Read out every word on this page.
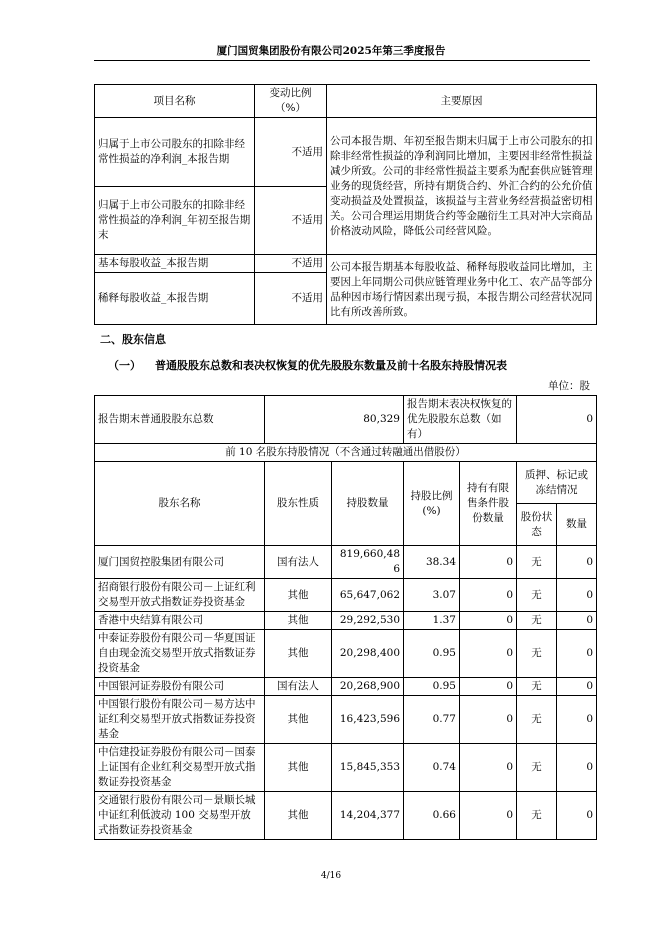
厦门国贸集团股份有限公司2025年第三季度报告
项目名称	变动比例（%）	主要原因
归属于上市公司股东的扣除非经常性损益的净利润_本报告期	不适用	公司本报告期、年初至报告期末归属于上市公司股东的扣除非经常性损益的净利润同比增加，主要因非经常性损益减少所致。公司的非经常性损益主要系为配套供应链管理业务的现货经营，所持有期货合约、外汇合约的公允价值变动损益及处置损益，该损益与主营业务经营损益密切相关。公司合理运用期货合约等金融衍生工具对冲大宗商品价格波动风险，降低公司经营风险。
归属于上市公司股东的扣除非经常性损益的净利润_年初至报告期末	不适用	
基本每股收益_本报告期	不适用	公司本报告期基本每股收益、稀释每股收益同比增加，主要因上年同期公司供应链管理业务中化工、农产品等部分品种因市场行情因素出现亏损，本报告期公司经营状况同比有所改善所致。
稀释每股收益_本报告期	不适用	
二、股东信息
（一） 普通股股东总数和表决权恢复的优先股股东数量及前十名股东持股情况表
单位：股
报告期末普通股股东总数	80,329		报告期末表决权恢复的优先股股东总数（如有）		0	
前 10 名股东持股情况（不含通过转融通出借股份）						
股东名称	股东性质	持股数量	持股比例(%)	持有有限售条件股份数量	质押、标记或冻结情况	
					股份状态	数量
厦门国贸控股集团有限公司	国有法人	819,660,486	38.34	0	无	0
招商银行股份有限公司－上证红利交易型开放式指数证券投资基金	其他	65,647,062	3.07	0	无	0
香港中央结算有限公司	其他	29,292,530	1.37	0	无	0
中泰证券股份有限公司－华夏国证自由现金流交易型开放式指数证券投资基金	其他	20,298,400	0.95	0	无	0
中国银河证券股份有限公司	国有法人	20,268,900	0.95	0	无	0
中国银行股份有限公司－易方达中证红利交易型开放式指数证券投资基金	其他	16,423,596	0.77	0	无	0
中信建投证券股份有限公司－国泰上证国有企业红利交易型开放式指数证券投资基金	其他	15,845,353	0.74	0	无	0
交通银行股份有限公司－景顺长城中证红利低波动 100 交易型开放式指数证券投资基金	其他	14,204,377	0.66	0	无	0
4/16
